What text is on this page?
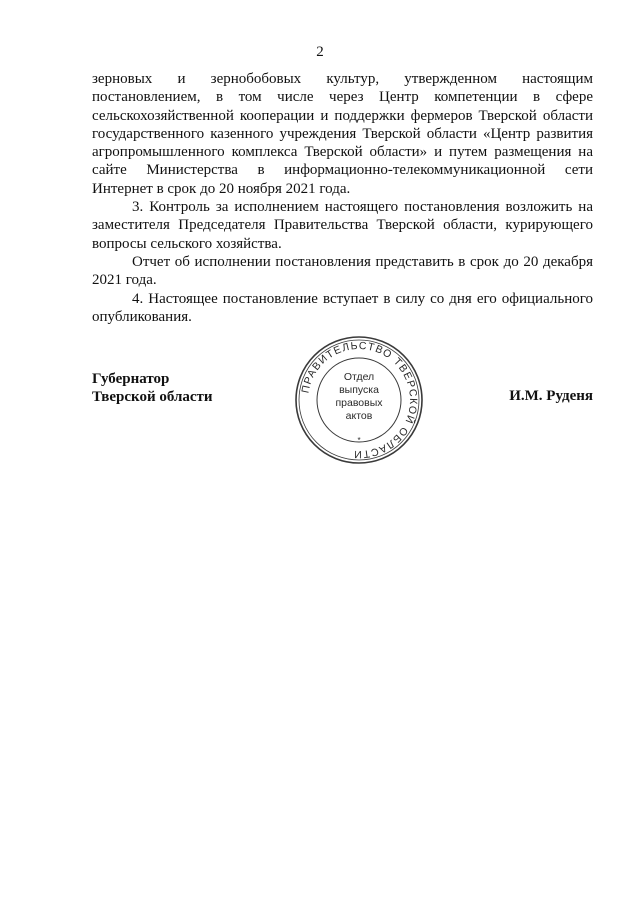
2

зерновых и зернобобовых культур, утвержденном настоящим постановлением, в том числе через Центр компетенции в сфере сельскохозяйственной кооперации и поддержки фермеров Тверской области государственного казенного учреждения Тверской области «Центр развития агропромышленного комплекса Тверской области» и путем размещения на сайте Министерства в информационно-телекоммуникационной сети Интернет в срок до 20 ноября 2021 года.

3. Контроль за исполнением настоящего постановления возложить на заместителя Председателя Правительства Тверской области, курирующего вопросы сельского хозяйства.

Отчет об исполнении постановления представить в срок до 20 декабря 2021 года.

4. Настоящее постановление вступает в силу со дня его официального опубликования.

Губернатор
Тверской области	И.М. Руденя
ПРАВИТЕЛЬСТВО ТВЕРСКОЙ ОБЛАСТИ
*
Отдел
выпуска
правовых
актов
